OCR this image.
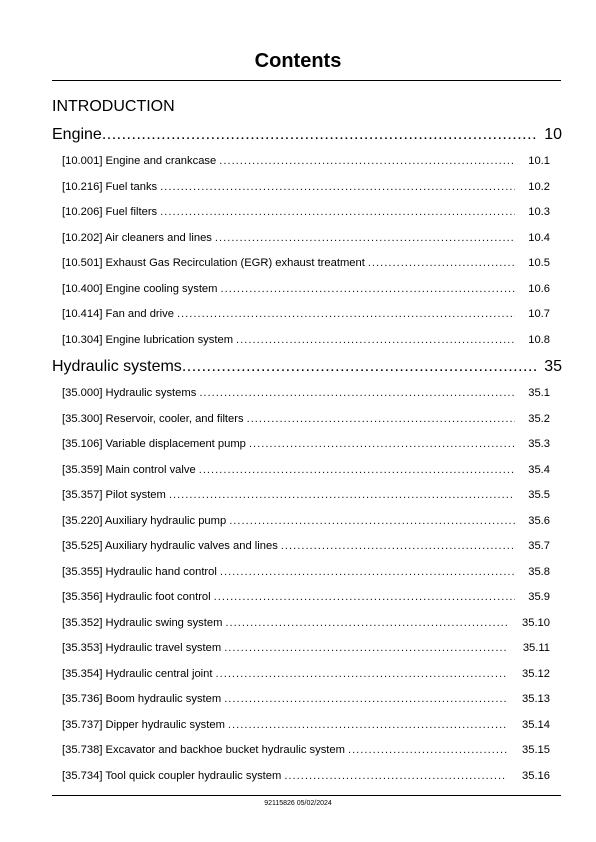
Contents
INTRODUCTION
Engine .....	10
[10.001] Engine and crankcase .....	10.1
[10.216] Fuel tanks .....	10.2
[10.206] Fuel filters .....	10.3
[10.202] Air cleaners and lines .....	10.4
[10.501] Exhaust Gas Recirculation (EGR) exhaust treatment .....	10.5
[10.400] Engine cooling system .....	10.6
[10.414] Fan and drive .....	10.7
[10.304] Engine lubrication system .....	10.8
Hydraulic systems .....	35
[35.000] Hydraulic systems .....	35.1
[35.300] Reservoir, cooler, and filters .....	35.2
[35.106] Variable displacement pump .....	35.3
[35.359] Main control valve .....	35.4
[35.357] Pilot system .....	35.5
[35.220] Auxiliary hydraulic pump .....	35.6
[35.525] Auxiliary hydraulic valves and lines .....	35.7
[35.355] Hydraulic hand control .....	35.8
[35.356] Hydraulic foot control .....	35.9
[35.352] Hydraulic swing system .....	35.10
[35.353] Hydraulic travel system .....	35.11
[35.354] Hydraulic central joint .....	35.12
[35.736] Boom hydraulic system .....	35.13
[35.737] Dipper hydraulic system .....	35.14
[35.738] Excavator and backhoe bucket hydraulic system .....	35.15
[35.734] Tool quick coupler hydraulic system .....	35.16
92115826 05/02/2024
